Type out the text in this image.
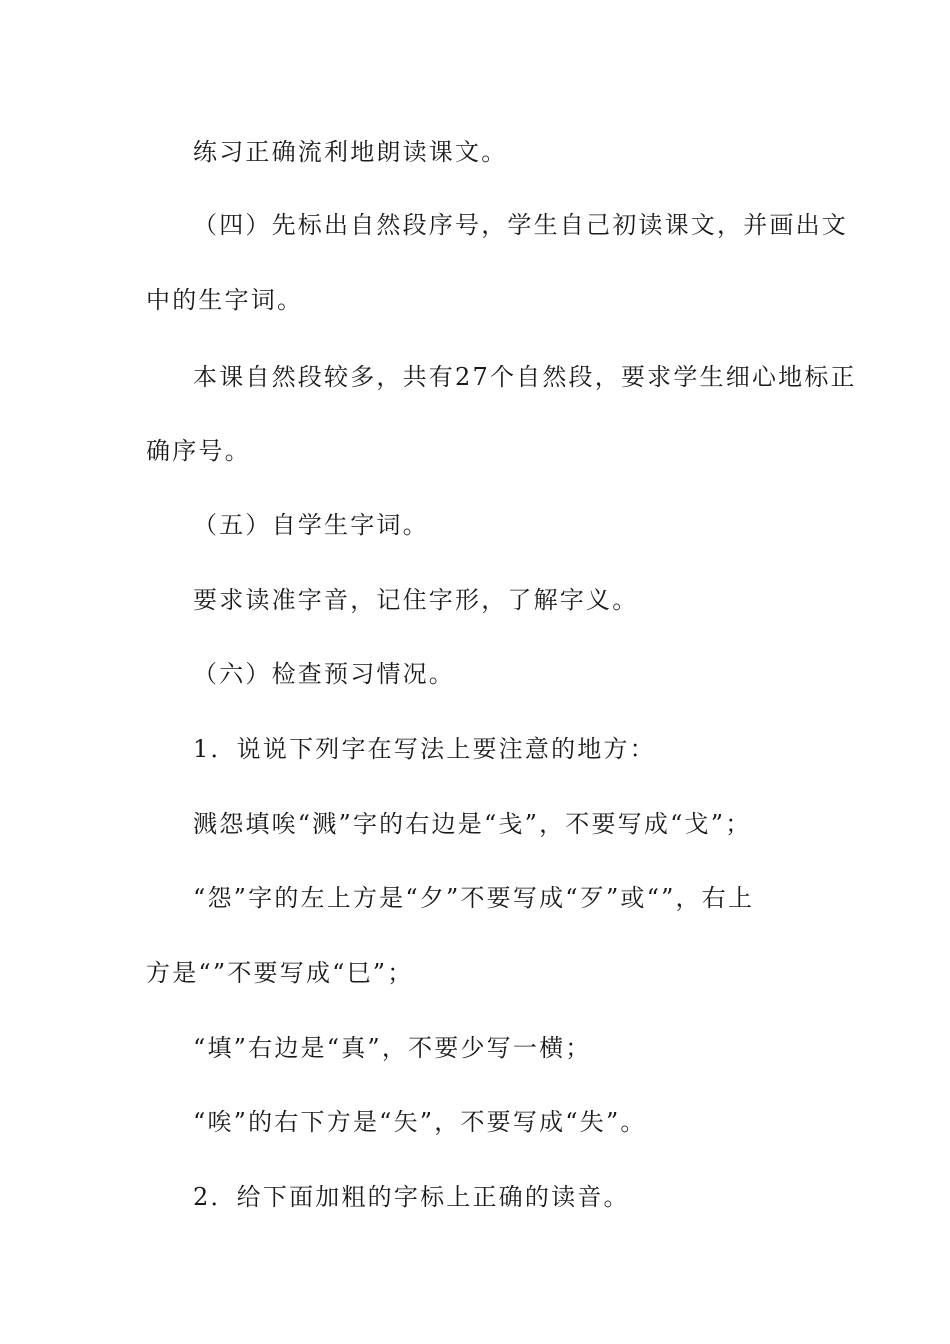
练习正确流利地朗读课文。

（四）先标出自然段序号，学生自己初读课文，并画出文

中的生字词。

本课自然段较多，共有27个自然段，要求学生细心地标正

确序号。

（五）自学生字词。

要求读准字音，记住字形，了解字义。

（六）检查预习情况。

1．说说下列字在写法上要注意的地方：

溅怨填唉“溅”字的右边是“戋”，不要写成“戈”；

“怨”字的左上方是“夕”不要写成“歹”或“”，右上

方是“”不要写成“巳”；

“填”右边是“真”，不要少写一横；

“唉”的右下方是“矢”，不要写成“失”。

2．给下面加粗的字标上正确的读音。
